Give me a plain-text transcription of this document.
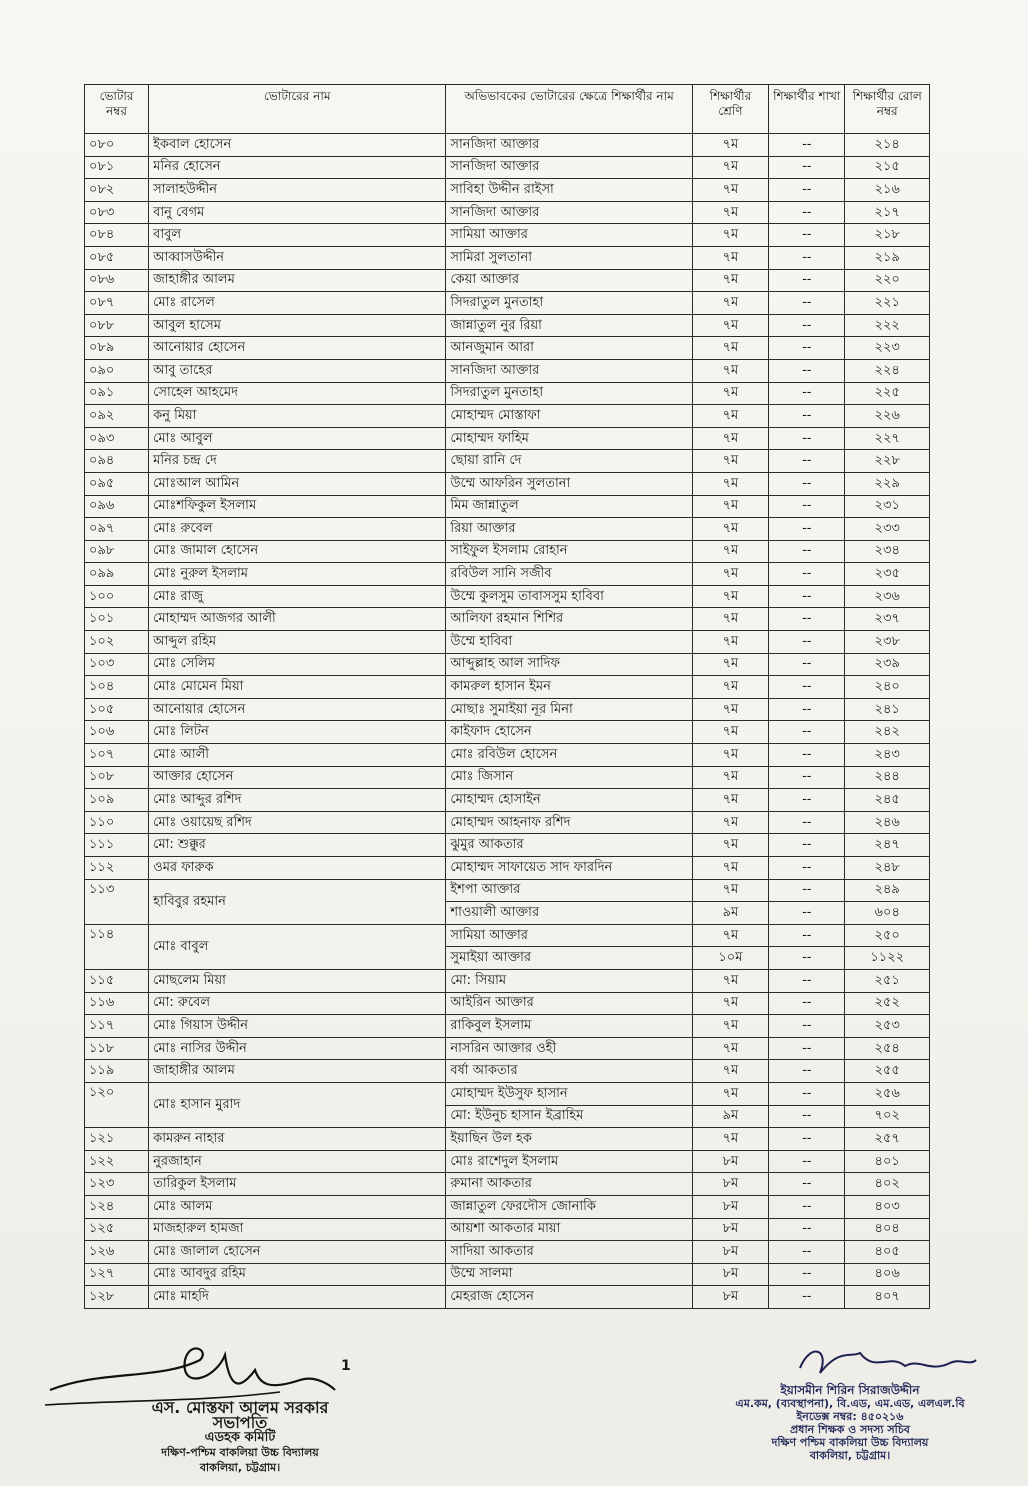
ভোটার নম্বর	ভোটারের নাম	অভিভাবকের ভোটারের ক্ষেত্রে শিক্ষার্থীর নাম	শিক্ষার্থীর শ্রেণি	শিক্ষার্থীর শাখা	শিক্ষার্থীর রোল নম্বর
০৮০	ইকবাল হোসেন	সানজিদা আক্তার	৭ম	--	২১৪
০৮১	মনির হোসেন	সানজিদা আক্তার	৭ম	--	২১৫
০৮২	সালাহউদ্দীন	সাবিহা উদ্দীন রাইসা	৭ম	--	২১৬
০৮৩	বানু বেগম	সানজিদা আক্তার	৭ম	--	২১৭
০৮৪	বাবুল	সামিয়া আক্তার	৭ম	--	২১৮
০৮৫	আব্বাসউদ্দীন	সামিরা সুলতানা	৭ম	--	২১৯
০৮৬	জাহাঙ্গীর আলম	কেয়া আক্তার	৭ম	--	২২০
০৮৭	মোঃ রাসেল	সিদরাতুল মুনতাহা	৭ম	--	২২১
০৮৮	আবুল হাসেম	জান্নাতুল নুর রিয়া	৭ম	--	২২২
০৮৯	আনোয়ার হোসেন	আনজুমান আরা	৭ম	--	২২৩
০৯০	আবু তাহের	সানজিদা আক্তার	৭ম	--	২২৪
০৯১	সোহেল আহমেদ	সিদরাতুল মুনতাহা	৭ম	--	২২৫
০৯২	কনু মিয়া	মোহাম্মদ মোস্তাফা	৭ম	--	২২৬
০৯৩	মোঃ আবুল	মোহাম্মদ ফাহিম	৭ম	--	২২৭
০৯৪	মনির চন্দ্র দে	ছোয়া রানি দে	৭ম	--	২২৮
০৯৫	মোঃআল আমিন	উম্মে আফরিন সুলতানা	৭ম	--	২২৯
০৯৬	মোঃশফিকুল ইসলাম	মিম জান্নাতুল	৭ম	--	২৩১
০৯৭	মোঃ রুবেল	রিয়া আক্তার	৭ম	--	২৩৩
০৯৮	মোঃ জামাল হোসেন	সাইফুল ইসলাম রোহান	৭ম	--	২৩৪
০৯৯	মোঃ নুরুল ইসলাম	রবিউল সানি সজীব	৭ম	--	২৩৫
১০০	মোঃ রাজু	উম্মে কুলসুম তাবাসসুম হাবিবা	৭ম	--	২৩৬
১০১	মোহাম্মদ আজগর আলী	আলিফা রহমান শিশির	৭ম	--	২৩৭
১০২	আব্দুল রহিম	উম্মে হাবিবা	৭ম	--	২৩৮
১০৩	মোঃ সেলিম	আব্দুল্লাহ আল সাদিফ	৭ম	--	২৩৯
১০৪	মোঃ মোমেন মিয়া	কামরুল হাসান ইমন	৭ম	--	২৪০
১০৫	আনোয়ার হোসেন	মোছাঃ সুমাইয়া নূর মিনা	৭ম	--	২৪১
১০৬	মোঃ লিটন	কাইফাদ হোসেন	৭ম	--	২৪২
১০৭	মোঃ আলী	মোঃ রবিউল হোসেন	৭ম	--	২৪৩
১০৮	আক্তার হোসেন	মোঃ জিসান	৭ম	--	২৪৪
১০৯	মোঃ আব্দুর রশিদ	মোহাম্মদ হোসাইন	৭ম	--	২৪৫
১১০	মোঃ ওয়ায়েছ রশিদ	মোহাম্মদ আহনাফ রশিদ	৭ম	--	২৪৬
১১১	মো: শুক্কুর	ঝুমুর আকতার	৭ম	--	২৪৭
১১২	ওমর ফারুক	মোহাম্মদ সাফায়েত সাদ ফারদিন	৭ম	--	২৪৮
১১৩	হাবিবুর রহমান	ইশপা আক্তার	৭ম	--	২৪৯
		শাওয়ালী আক্তার	৯ম	--	৬০৪
১১৪	মোঃ বাবুল	সামিয়া আক্তার	৭ম	--	২৫০
		সুমাইয়া আক্তার	১০ম	--	১১২২
১১৫	মোছলেম মিয়া	মো: সিয়াম	৭ম	--	২৫১
১১৬	মো: রুবেল	আইরিন আক্তার	৭ম	--	২৫২
১১৭	মোঃ গিয়াস উদ্দীন	রাকিবুল ইসলাম	৭ম	--	২৫৩
১১৮	মোঃ নাসির উদ্দীন	নাসরিন আক্তার ওহী	৭ম	--	২৫৪
১১৯	জাহাঙ্গীর আলম	বর্ষা আকতার	৭ম	--	২৫৫
১২০	মোঃ হাসান মুরাদ	মোহাম্মদ ইউসুফ হাসান	৭ম	--	২৫৬
		মো: ইউনুচ হাসান ইব্রাহিম	৯ম	--	৭০২
১২১	কামরুন নাহার	ইয়াছিন উল হক	৭ম	--	২৫৭
১২২	নুরজাহান	মোঃ রাশেদুল ইসলাম	৮ম	--	৪০১
১২৩	তারিকুল ইসলাম	রুমানা আকতার	৮ম	--	৪০২
১২৪	মোঃ আলম	জান্নাতুল ফেরদৌস জোনাকি	৮ম	--	৪০৩
১২৫	মাজহারুল হামজা	আয়শা আকতার মায়া	৮ম	--	৪০৪
১২৬	মোঃ জালাল হোসেন	সাদিয়া আকতার	৮ম	--	৪০৫
১২৭	মোঃ আবদুর রহিম	উম্মে সালমা	৮ম	--	৪০৬
১২৮	মোঃ মাহদি	মেহরাজ হোসেন	৮ম	--	৪০৭
1
এস. মোস্তফা আলম সরকার
সভাপতি
এডহক কমিটি
দক্ষিণ-পশ্চিম বাকলিয়া উচ্চ বিদ্যালয়
বাকলিয়া, চট্টগ্রাম।
ইয়াসমীন শিরিন সিরাজউদ্দীন
এম.কম, (ব্যবস্থাপনা), বি.এড, এম.এড, এলএল.বি
ইনডেক্স নম্বর: ৪৫০২১৬
প্রধান শিক্ষক ও সদস্য সচিব
দক্ষিণ পশ্চিম বাকলিয়া উচ্চ বিদ্যালয়
বাকলিয়া, চট্টগ্রাম।
